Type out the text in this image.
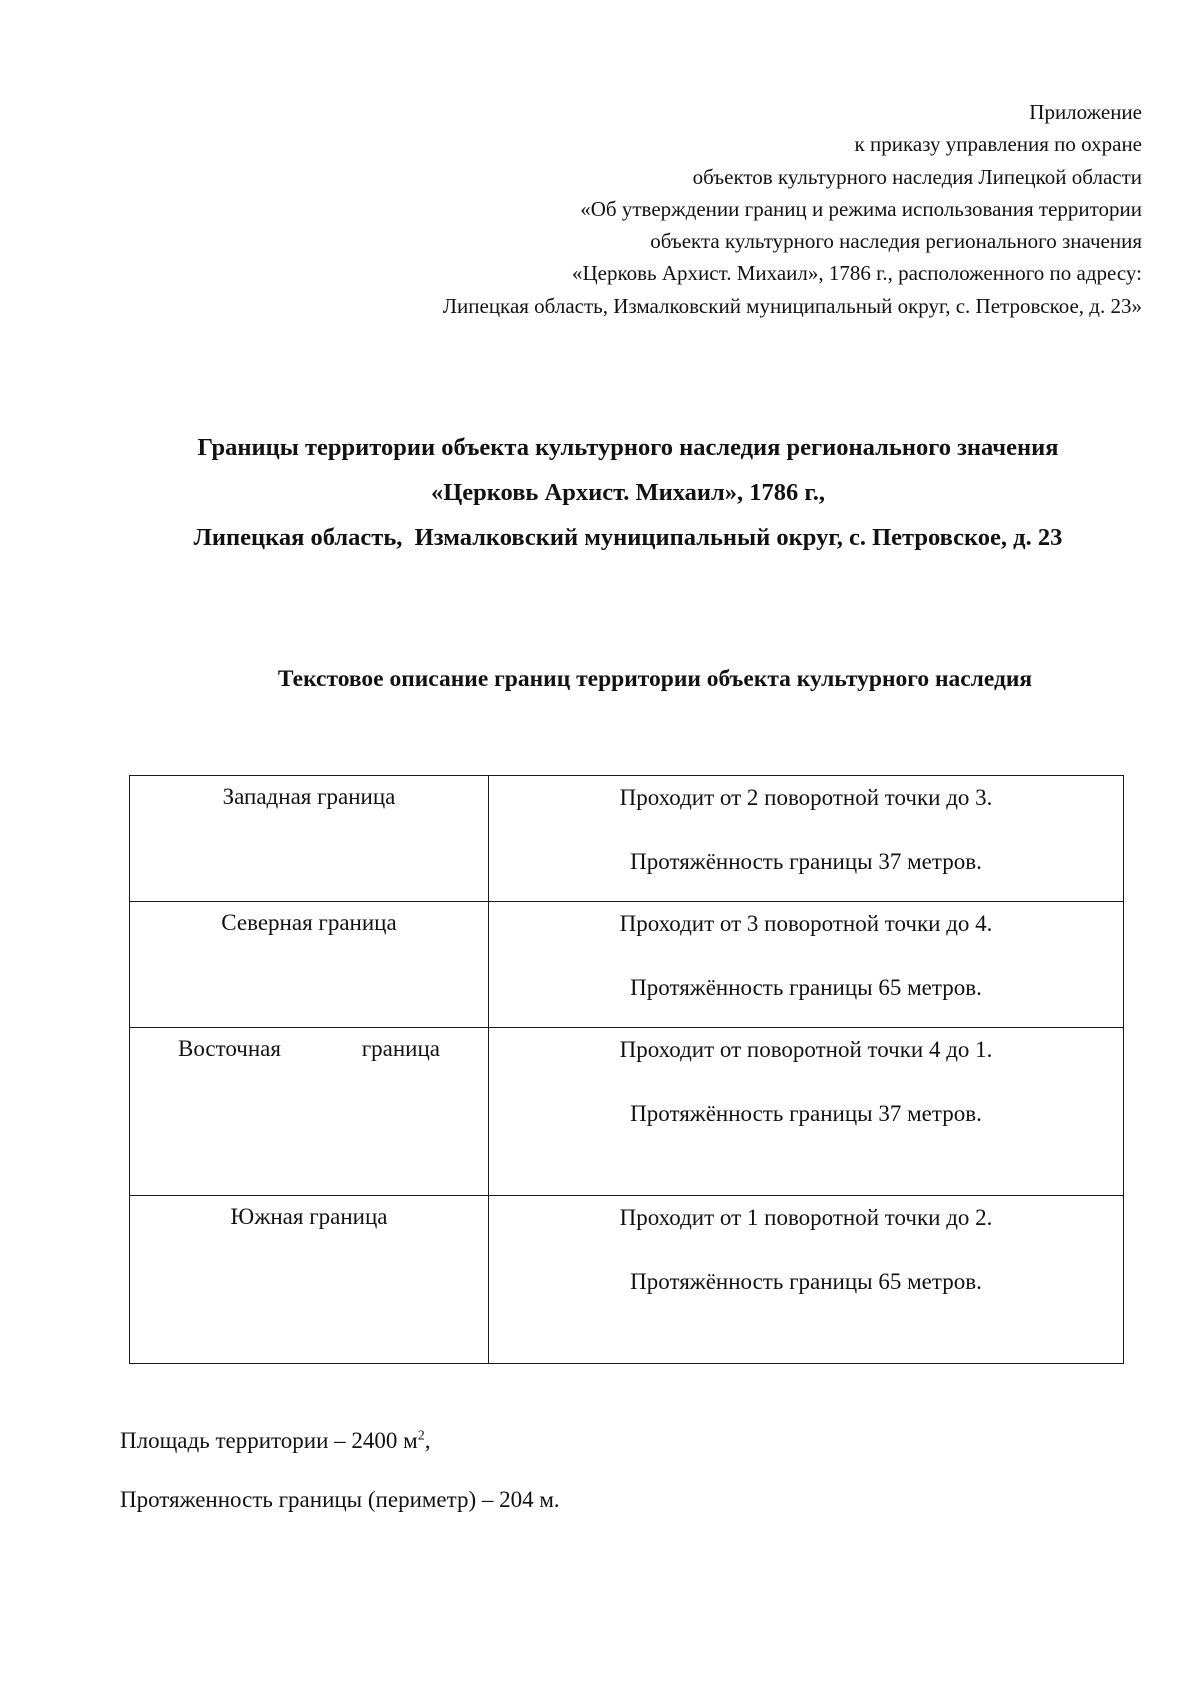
Приложение
к приказу управления по охране
объектов культурного наследия Липецкой области
«Об утверждении границ и режима использования территории
объекта культурного наследия регионального значения
«Церковь Архист. Михаил», 1786 г., расположенного по адресу:
Липецкая область, Измалковский муниципальный округ, с. Петровское, д. 23»
Границы территории объекта культурного наследия регионального значения
«Церковь Архист. Михаил», 1786 г.,
Липецкая область,  Измалковский муниципальный округ, с. Петровское, д. 23
Текстовое описание границ территории объекта культурного наследия
Западная граница	Проходит от 2 поворотной точки до 3.
Протяжённость границы 37 метров.

Северная граница	Проходит от 3 поворотной точки до 4.
Протяжённость границы 65 метров.

Восточная граница	Проходит от поворотной точки 4 до 1.
Протяжённость границы 37 метров.

Южная граница	Проходит от 1 поворотной точки до 2.
Протяжённость границы 65 метров.
Площадь территории – 2400 $м^2$,
Протяженность границы (периметр) – 204 м.
